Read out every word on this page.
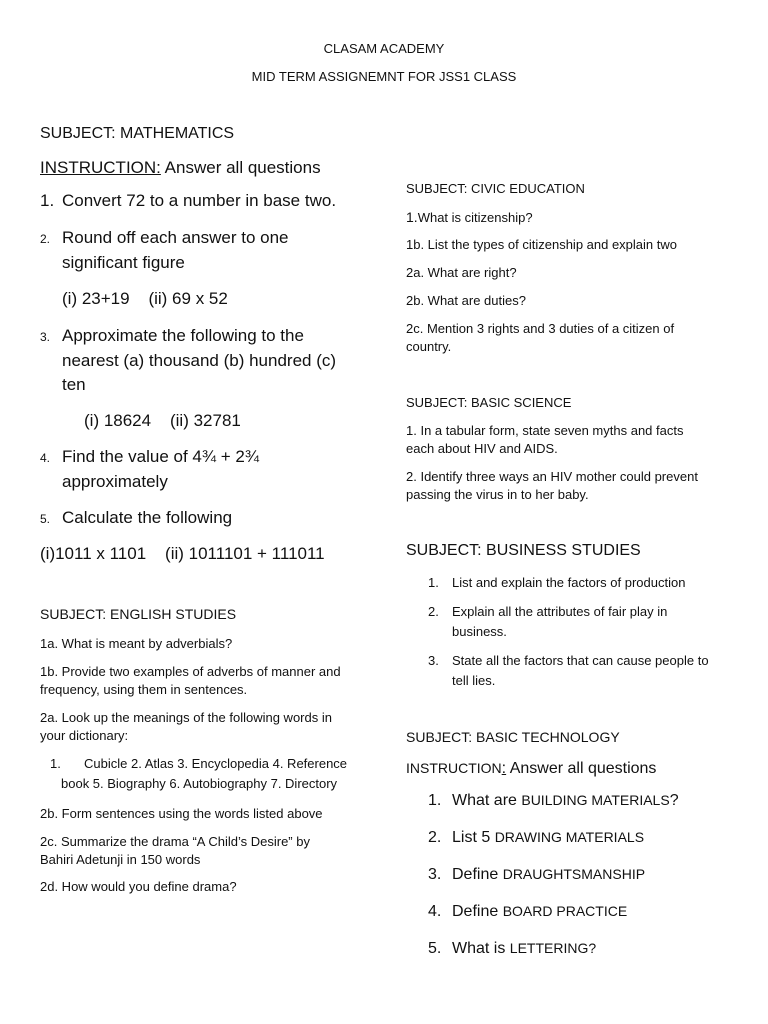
CLASAM ACADEMY
MID TERM ASSIGNEMNT FOR JSS1 CLASS
SUBJECT: MATHEMATICS
INSTRUCTION: Answer all questions
1. Convert 72 to a number in base two.
2. Round off each answer to one
significant figure
(i) 23+19    (ii) 69 x 52
3. Approximate the following to the
nearest (a) thousand (b) hundred (c)
ten
(i) 18624    (ii) 32781
4. Find the value of 4¾ + 2¾
approximately
5. Calculate the following
(i)1011 x 1101    (ii) 1011101 + 111011
SUBJECT: ENGLISH STUDIES
1a. What is meant by adverbials?
1b. Provide two examples of adverbs of manner and
frequency, using them in sentences.
2a. Look up the meanings of the following words in
your dictionary:
1. Cubicle 2. Atlas 3. Encyclopedia 4. Reference
book 5. Biography 6. Autobiography 7. Directory
2b. Form sentences using the words listed above
2c. Summarize the drama “A Child’s Desire” by
Bahiri Adetunji in 150 words
2d. How would you define drama?
SUBJECT: CIVIC EDUCATION
1.What is citizenship?
1b. List the types of citizenship and explain two
2a. What are right?
2b. What are duties?
2c. Mention 3 rights and 3 duties of a citizen of
country.
SUBJECT: BASIC SCIENCE
1. In a tabular form, state seven myths and facts
each about HIV and AIDS.
2. Identify three ways an HIV mother could prevent
passing the virus in to her baby.
SUBJECT: BUSINESS STUDIES
1. List and explain the factors of production
2. Explain all the attributes of fair play in
business.
3. State all the factors that can cause people to
tell lies.
SUBJECT: BASIC TECHNOLOGY
INSTRUCTION: Answer all questions
1. What are BUILDING MATERIALS?
2. List 5 DRAWING MATERIALS
3. Define DRAUGHTSMANSHIP
4. Define BOARD PRACTICE
5. What is LETTERING?
